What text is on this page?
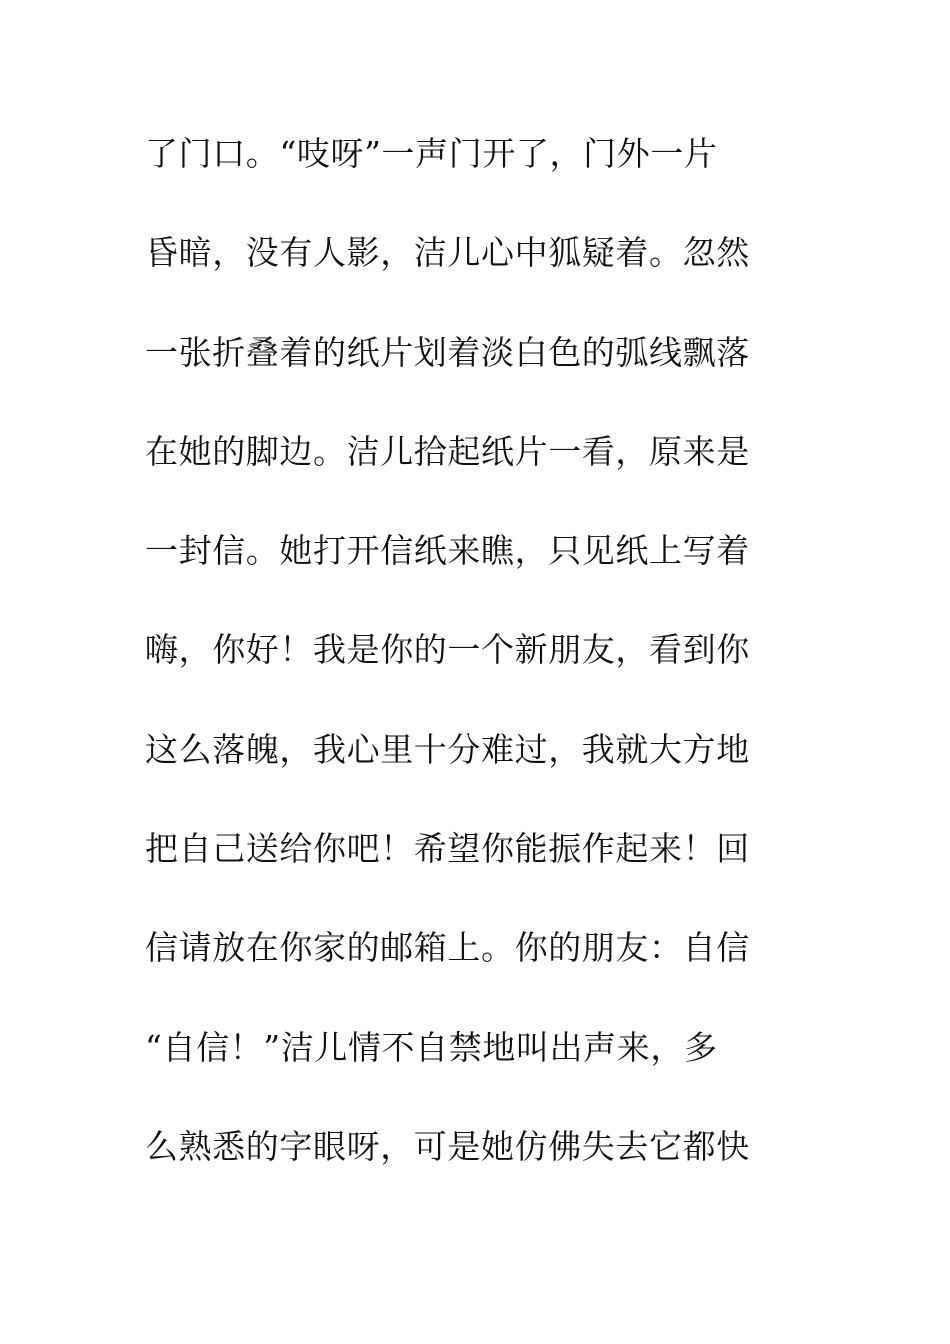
了门口。“吱呀”一声门开了，门外一片
昏暗，没有人影，洁儿心中狐疑着。忽然
一张折叠着的纸片划着淡白色的弧线飘落
在她的脚边。洁儿拾起纸片一看，原来是
一封信。她打开信纸来瞧，只见纸上写着
嗨，你好！我是你的一个新朋友，看到你
这么落魄，我心里十分难过，我就大方地
把自己送给你吧！希望你能振作起来！回
信请放在你家的邮箱上。你的朋友：自信
“自信！”洁儿情不自禁地叫出声来，多
么熟悉的字眼呀，可是她仿佛失去它都快
